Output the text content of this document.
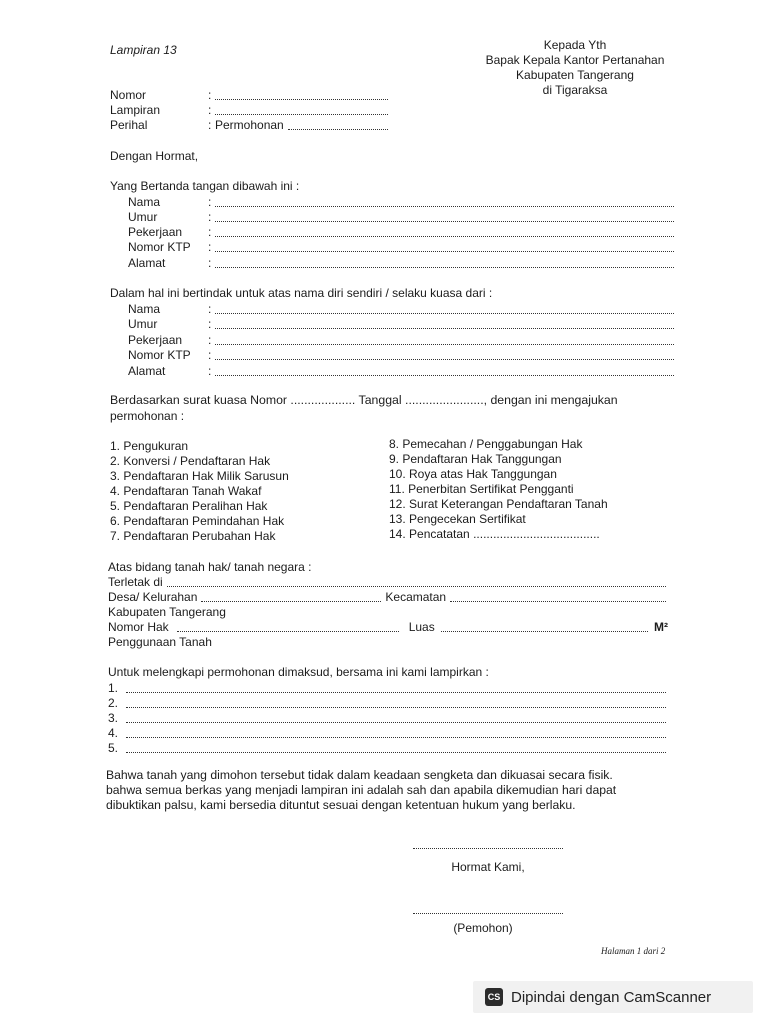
Lampiran 13	Kepada Yth
Bapak Kepala Kantor Pertanahan
Kabupaten Tangerang
di Tigaraksa
Nomor	:
Lampiran	:
Perihal	: Permohonan
Dengan Hormat,
Yang Bertanda tangan dibawah ini :
Nama	:
Umur	:
Pekerjaan	:
Nomor KTP	:
Alamat	:
Dalam hal ini bertindak untuk atas nama diri sendiri / selaku kuasa dari :
Nama	:
Umur	:
Pekerjaan	:
Nomor KTP	:
Alamat	:
Berdasarkan surat kuasa Nomor ................... Tanggal ......................., dengan ini mengajukan
permohonan :
1. Pengukuran
2. Konversi / Pendaftaran Hak
3. Pendaftaran Hak Milik Sarusun
4. Pendaftaran Tanah Wakaf
5. Pendaftaran Peralihan Hak
6. Pendaftaran Pemindahan Hak
7. Pendaftaran Perubahan Hak
8. Pemecahan / Penggabungan Hak
9. Pendaftaran Hak Tanggungan
10. Roya atas Hak Tanggungan
11. Penerbitan Sertifikat Pengganti
12. Surat Keterangan Pendaftaran Tanah
13. Pengecekan Sertifikat
14. Pencatatan ......................................
Atas bidang tanah hak/ tanah negara :
Terletak di
Desa/ Kelurahan	Kecamatan
Kabupaten Tangerang
Nomor Hak	Luas	M²
Penggunaan Tanah
Untuk melengkapi permohonan dimaksud, bersama ini kami lampirkan :
1.
2.
3.
4.
5.
Bahwa tanah yang dimohon tersebut tidak dalam keadaan sengketa dan dikuasai secara fisik.
bahwa semua berkas yang menjadi lampiran ini adalah sah dan apabila dikemudian hari dapat
dibuktikan palsu, kami bersedia dituntut sesuai dengan ketentuan hukum yang berlaku.
Hormat Kami,
(Pemohon)
Halaman 1 dari 2
CS Dipindai dengan CamScanner
